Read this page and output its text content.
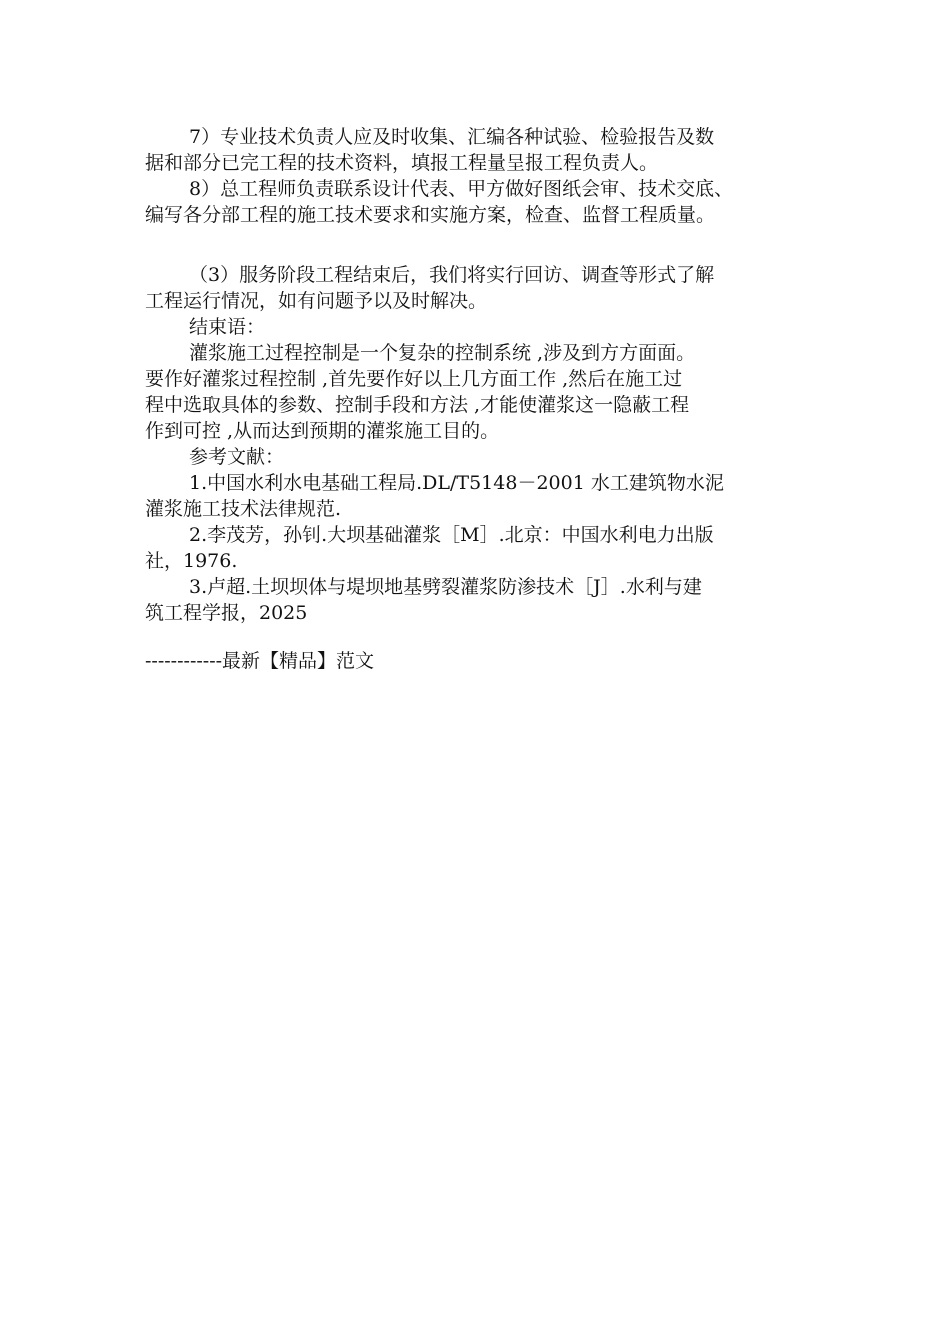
7）专业技术负责人应及时收集、汇编各种试验、检验报告及数
据和部分已完工程的技术资料，填报工程量呈报工程负责人。
8）总工程师负责联系设计代表、甲方做好图纸会审、技术交底、
编写各分部工程的施工技术要求和实施方案，检查、监督工程质量。
（3）服务阶段工程结束后，我们将实行回访、调查等形式了解
工程运行情况，如有问题予以及时解决。
结束语：
灌浆施工过程控制是一个复杂的控制系统 ,涉及到方方面面。
要作好灌浆过程控制 ,首先要作好以上几方面工作 ,然后在施工过
程中选取具体的参数、控制手段和方法 ,才能使灌浆这一隐蔽工程
作到可控 ,从而达到预期的灌浆施工目的。
参考文献：
1.中国水利水电基础工程局.DL/T5148－2001 水工建筑物水泥
灌浆施工技术法律规范.
2.李茂芳，孙钊.大坝基础灌浆［M］.北京：中国水利电力出版
社，1976.
3.卢超.土坝坝体与堤坝地基劈裂灌浆防渗技术［J］.水利与建
筑工程学报，2025
------------最新【精品】范文
